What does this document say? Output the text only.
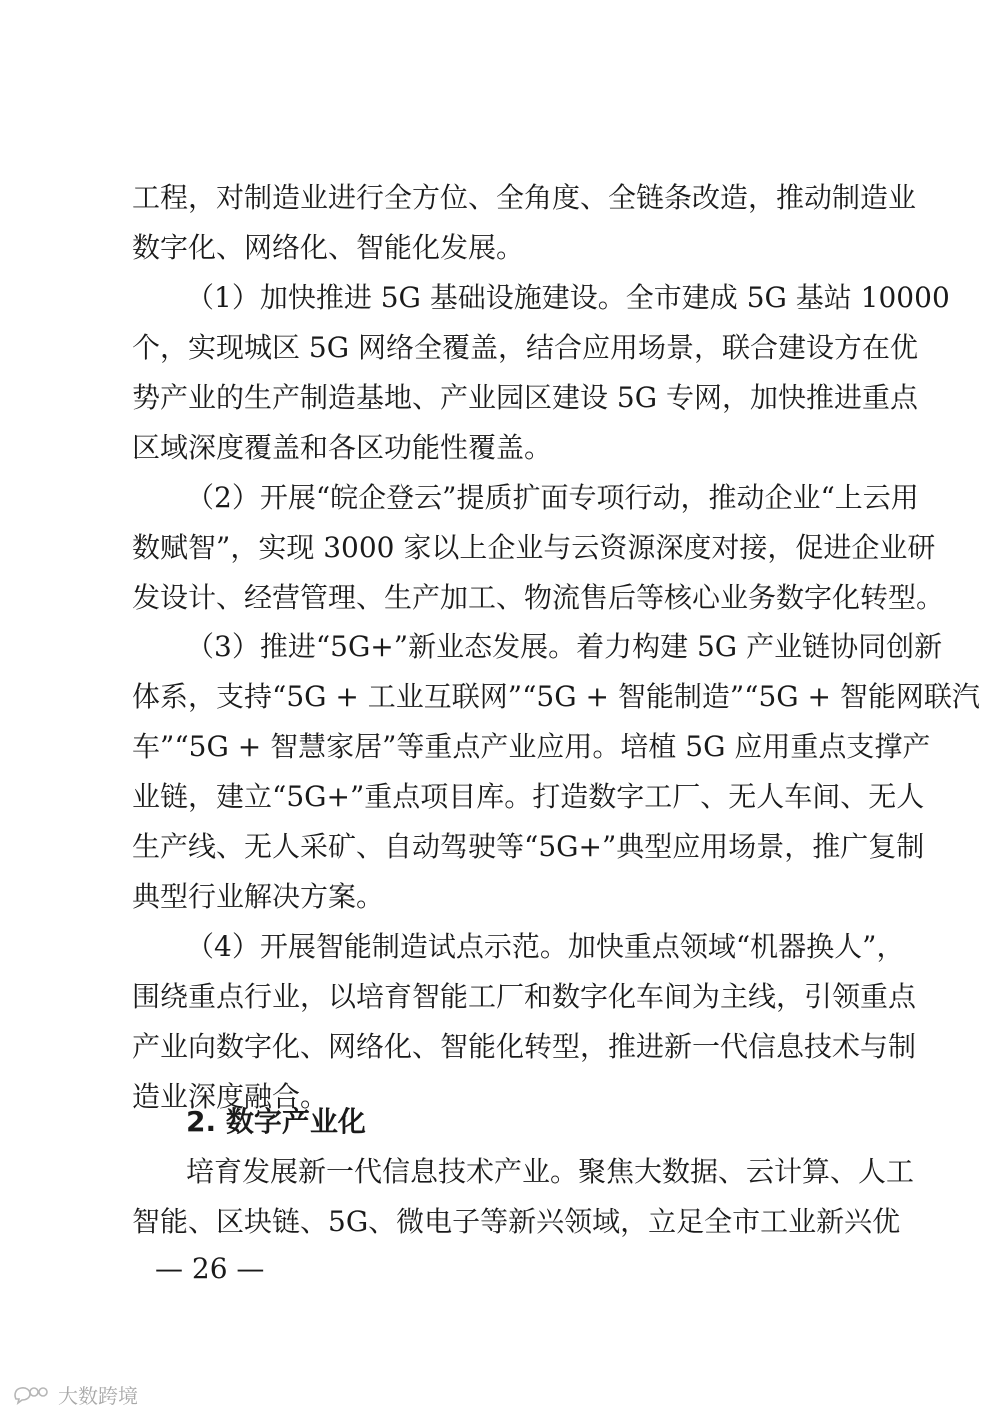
工程，对制造业进行全方位、全角度、全链条改造，推动制造业
数字化、网络化、智能化发展。
（1）加快推进 5G 基础设施建设。全市建成 5G 基站 10000
个，实现城区 5G 网络全覆盖，结合应用场景，联合建设方在优
势产业的生产制造基地、产业园区建设 5G 专网，加快推进重点
区域深度覆盖和各区功能性覆盖。
（2）开展“皖企登云”提质扩面专项行动，推动企业“上云用
数赋智”，实现 3000 家以上企业与云资源深度对接，促进企业研
发设计、经营管理、生产加工、物流售后等核心业务数字化转型。
（3）推进“5G+”新业态发展。着力构建 5G 产业链协同创新
体系，支持“5G + 工业互联网”“5G + 智能制造”“5G + 智能网联汽
车”“5G + 智慧家居”等重点产业应用。培植 5G 应用重点支撑产
业链，建立“5G+”重点项目库。打造数字工厂、无人车间、无人
生产线、无人采矿、自动驾驶等“5G+”典型应用场景，推广复制
典型行业解决方案。
（4）开展智能制造试点示范。加快重点领域“机器换人”，
围绕重点行业，以培育智能工厂和数字化车间为主线，引领重点
产业向数字化、网络化、智能化转型，推进新一代信息技术与制
造业深度融合。
2. 数字产业化
培育发展新一代信息技术产业。聚焦大数据、云计算、人工
智能、区块链、5G、微电子等新兴领域，立足全市工业新兴优
— 26 —
大数跨境
